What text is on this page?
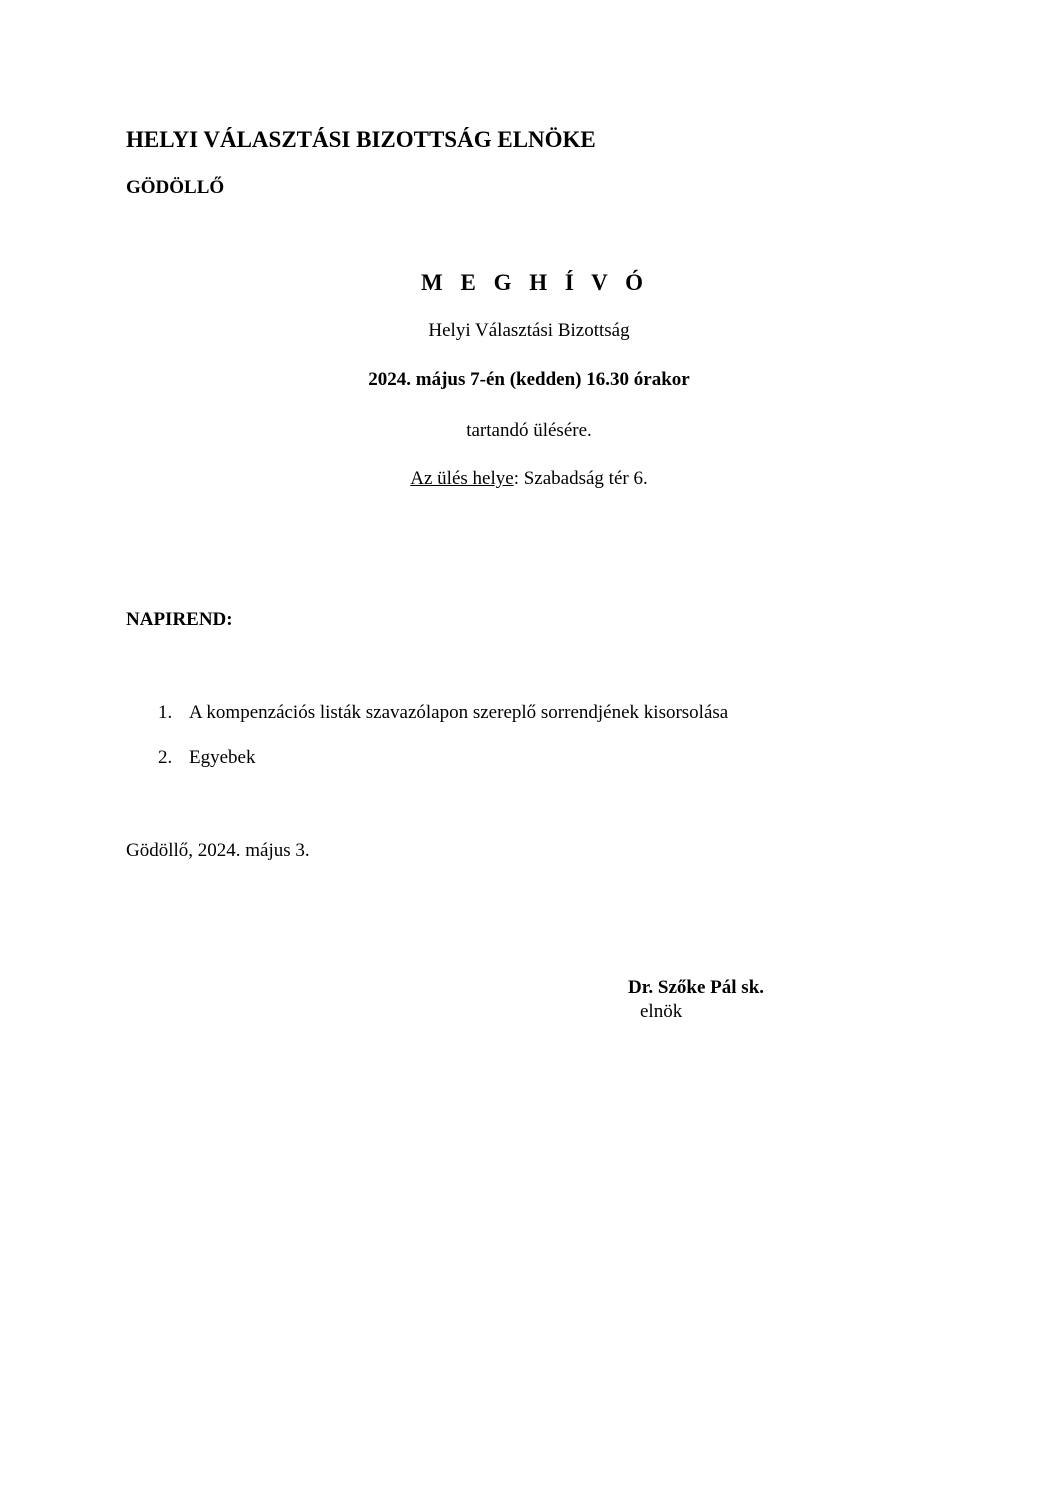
HELYI VÁLASZTÁSI BIZOTTSÁG ELNÖKE
GÖDÖLLŐ
M E G H Í V Ó
Helyi Választási Bizottság
2024. május 7-én (kedden) 16.30 órakor
tartandó ülésére.
Az ülés helye: Szabadság tér 6.
NAPIREND:
1. A kompenzációs listák szavazólapon szereplő sorrendjének kisorsolása
2. Egyebek
Gödöllő, 2024. május 3.
Dr. Szőke Pál sk.
elnök
